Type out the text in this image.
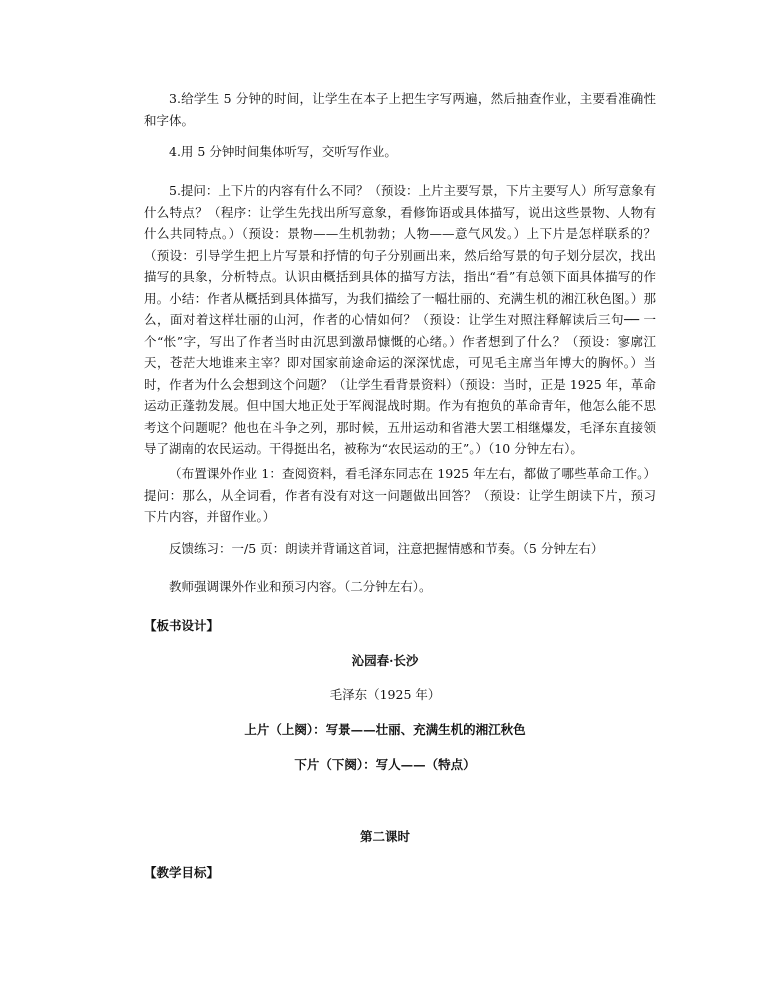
3.给学生 5 分钟的时间，让学生在本子上把生字写两遍，然后抽查作业，主要看准确性和字体。

4.用 5 分钟时间集体听写，交听写作业。

5.提问：上下片的内容有什么不同？（预设：上片主要写景，下片主要写人）所写意象有什么特点？（程序：让学生先找出所写意象，看修饰语或具体描写，说出这些景物、人物有什么共同特点。）（预设：景物——生机勃勃；人物——意气风发。）上下片是怎样联系的？（预设：引导学生把上片写景和抒情的句子分别画出来，然后给写景的句子划分层次，找出描写的具象，分析特点。认识由概括到具体的描写方法，指出“看”有总领下面具体描写的作用。小结：作者从概括到具体描写，为我们描绘了一幅壮丽的、充满生机的湘江秋色图。）那么，面对着这样壮丽的山河，作者的心情如何？（预设：让学生对照注释解读后三句── 一个“怅”字，写出了作者当时由沉思到激昂慷慨的心绪。）作者想到了什么？（预设：寥廓江天，苍茫大地谁来主宰？即对国家前途命运的深深忧虑，可见毛主席当年博大的胸怀。）当时，作者为什么会想到这个问题？（让学生看背景资料）（预设：当时，正是 1925 年，革命运动正蓬勃发展。但中国大地正处于军阀混战时期。作为有抱负的革命青年，他怎么能不思考这个问题呢？他也在斗争之列，那时候，五卅运动和省港大罢工相继爆发，毛泽东直接领导了湖南的农民运动。干得挺出名，被称为“农民运动的王”。）（10 分钟左右）。

（布置课外作业 1：查阅资料，看毛泽东同志在 1925 年左右，都做了哪些革命工作。）提问：那么，从全词看，作者有没有对这一问题做出回答？（预设：让学生朗读下片，预习下片内容，并留作业。）

反馈练习：一/5 页：朗读并背诵这首词，注意把握情感和节奏。（5 分钟左右）

教师强调课外作业和预习内容。（二分钟左右）。

【板书设计】

沁园春·长沙

毛泽东（1925 年）

上片（上阕）：写景——壮丽、充满生机的湘江秋色

下片（下阕）：写人——（特点）

第二课时

【教学目标】
